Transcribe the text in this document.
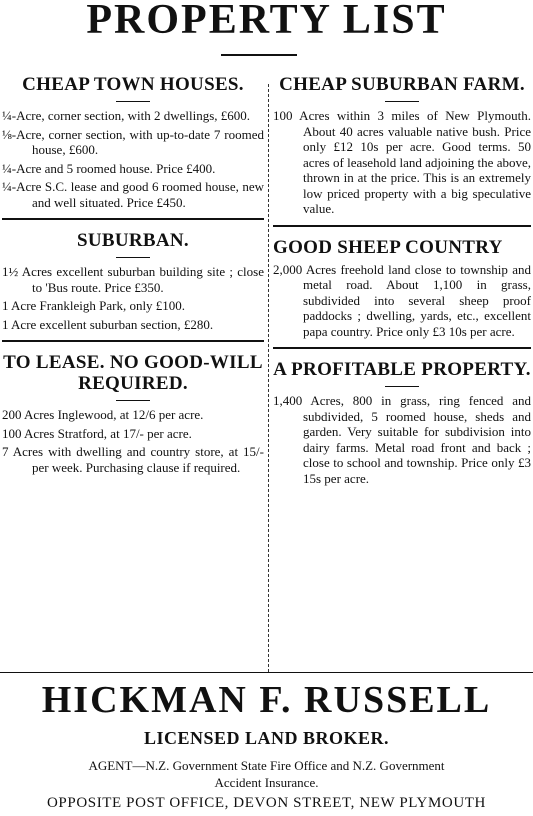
PROPERTY LIST
CHEAP TOWN HOUSES.

¼-Acre, corner section, with 2 dwellings, £600.

⅛-Acre, corner section, with up-to-date 7 roomed house, £600.

¼-Acre and 5 roomed house. Price £400.

¼-Acre S.C. lease and good 6 roomed house, new and well situated. Price £450.

SUBURBAN.

1½ Acres excellent suburban building site ; close to 'Bus route. Price £350.

1 Acre Frankleigh Park, only £100.

1 Acre excellent suburban section, £280.

TO LEASE. NO GOOD-WILL REQUIRED.

200 Acres Inglewood, at 12/6 per acre.

100 Acres Stratford, at 17/- per acre.

7 Acres with dwelling and country store, at 15/- per week. Purchasing clause if required.

CHEAP SUBURBAN FARM.

100 Acres within 3 miles of New Plymouth. About 40 acres valuable native bush. Price only £12 10s per acre. Good terms. 50 acres of leasehold land adjoining the above, thrown in at the price. This is an extremely low priced property with a big speculative value.

GOOD SHEEP COUNTRY

2,000 Acres freehold land close to township and metal road. About 1,100 in grass, subdivided into several sheep proof paddocks ; dwelling, yards, etc., excellent papa country. Price only £3 10s per acre.

A PROFITABLE PROPERTY.

1,400 Acres, 800 in grass, ring fenced and subdivided, 5 roomed house, sheds and garden. Very suitable for subdivision into dairy farms. Metal road front and back ; close to school and township. Price only £3 15s per acre.

HICKMAN F. RUSSELL
LICENSED LAND BROKER.
AGENT—N.Z. Government State Fire Office and N.Z. Government
Accident Insurance.
OPPOSITE POST OFFICE, DEVON STREET, NEW PLYMOUTH
